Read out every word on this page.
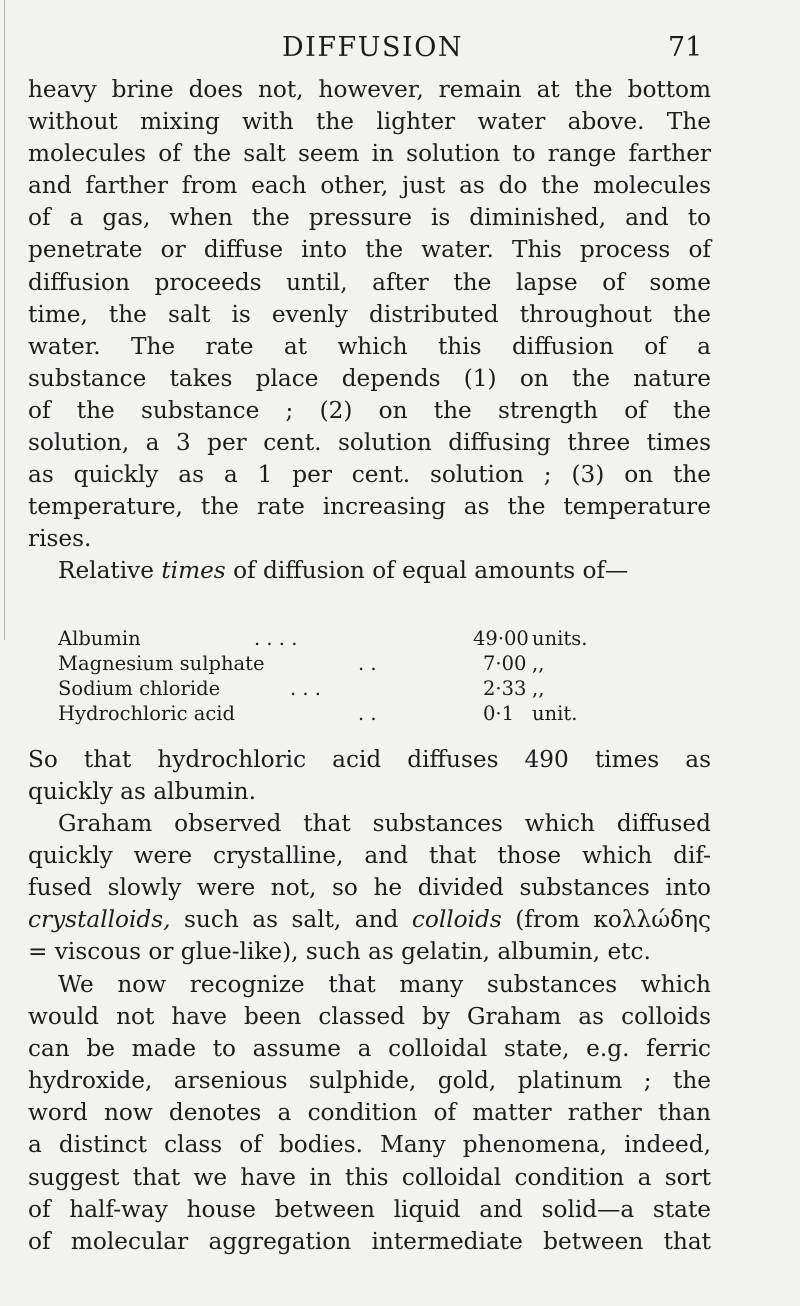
DIFFUSION	71
heavy brine does not, however, remain at the bottom
without mixing with the lighter water above. The
molecules of the salt seem in solution to range farther
and farther from each other, just as do the molecules
of a gas, when the pressure is diminished, and to
penetrate or diffuse into the water. This process of
diffusion proceeds until, after the lapse of some
time, the salt is evenly distributed throughout the
water. The rate at which this diffusion of a
substance takes place depends (1) on the nature
of the substance ; (2) on the strength of the
solution, a 3 per cent. solution diffusing three times
as quickly as a 1 per cent. solution ; (3) on the
temperature, the rate increasing as the temperature
rises.
Relative times of diffusion of equal amounts of—
Albumin	. . . .	49·00 units.
Magnesium sulphate	. .	7·00 ,,
Sodium chloride	. . .	2·33 ,,
Hydrochloric acid	. .	0·1 unit.
So that hydrochloric acid diffuses 490 times as
quickly as albumin.
Graham observed that substances which diffused
quickly were crystalline, and that those which dif-
fused slowly were not, so he divided substances into
crystalloids, such as salt, and colloids (from κολλώδης
= viscous or glue-like), such as gelatin, albumin, etc.
We now recognize that many substances which
would not have been classed by Graham as colloids
can be made to assume a colloidal state, e.g. ferric
hydroxide, arsenious sulphide, gold, platinum ; the
word now denotes a condition of matter rather than
a distinct class of bodies. Many phenomena, indeed,
suggest that we have in this colloidal condition a sort
of half-way house between liquid and solid—a state
of molecular aggregation intermediate between that
